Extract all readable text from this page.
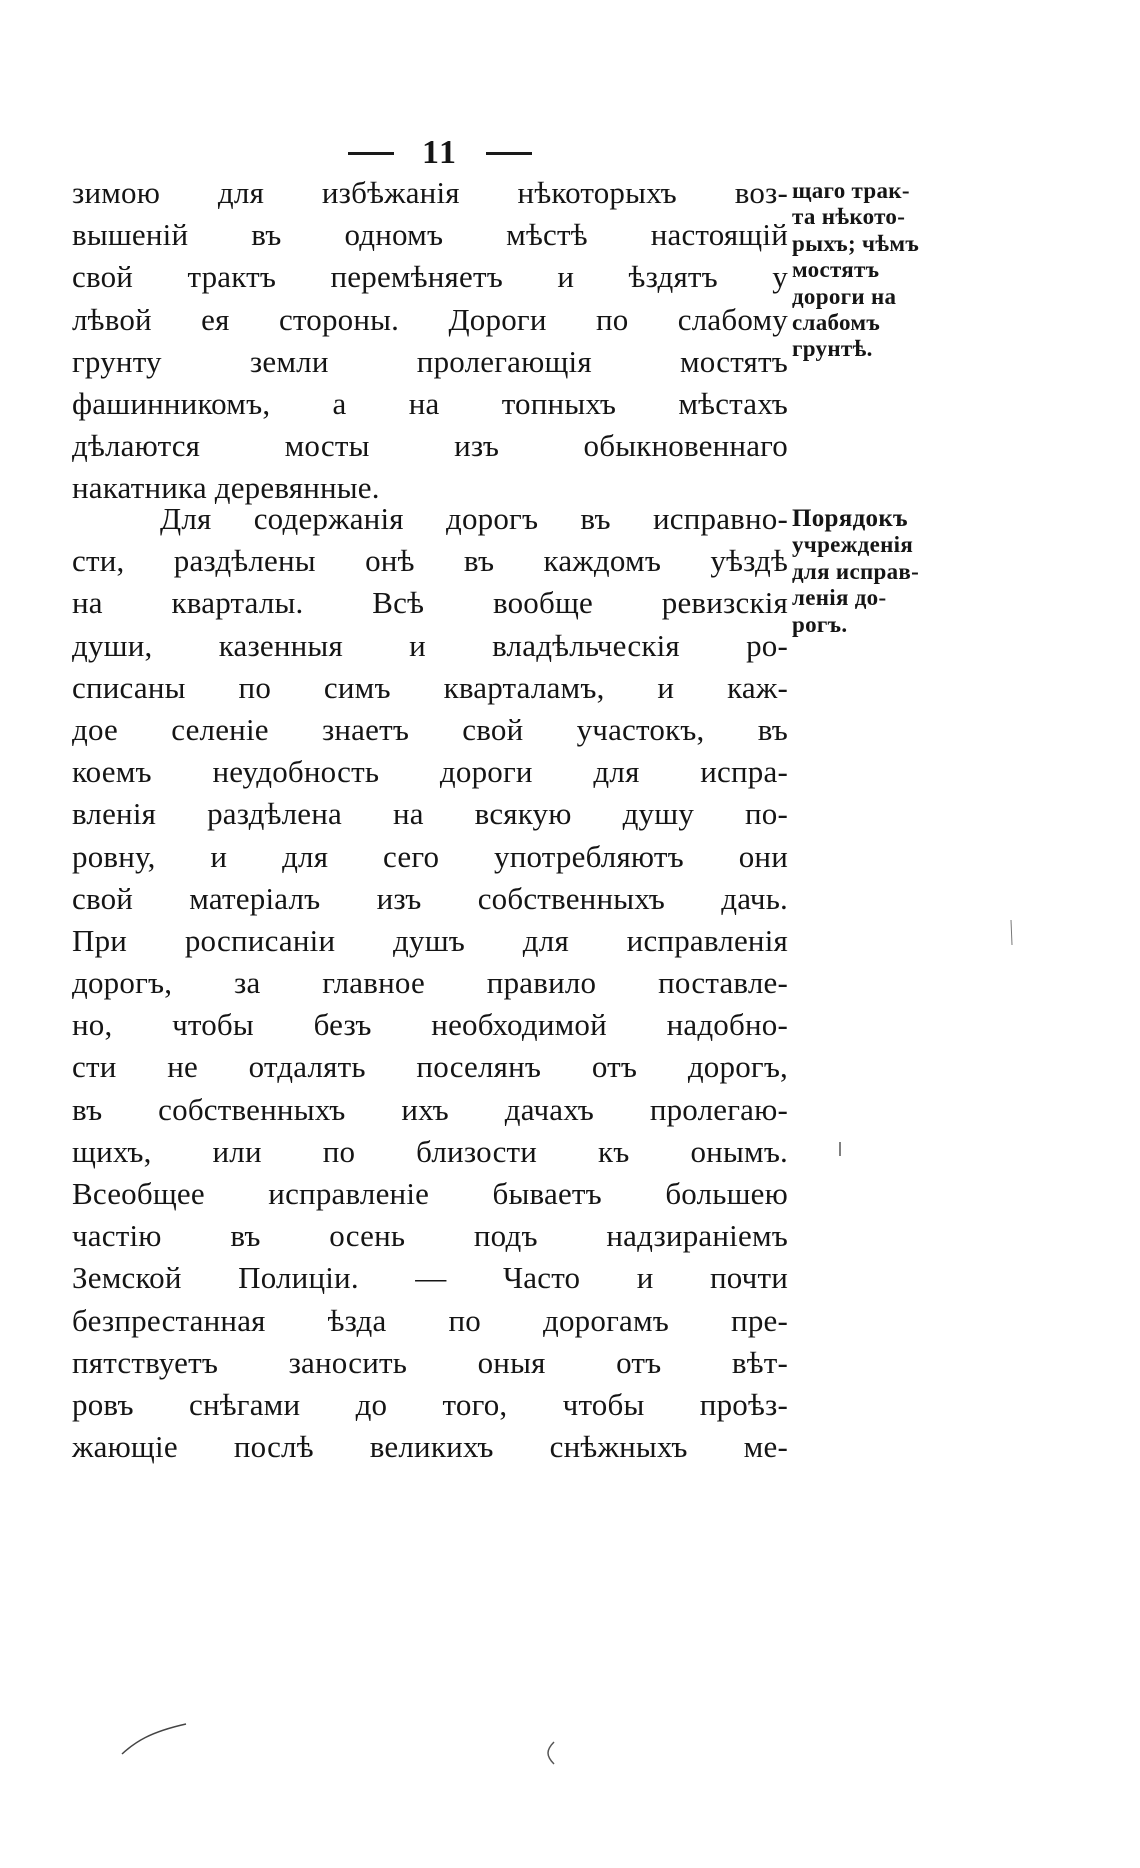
11
зимою для избѣжанія нѣкоторыхъ воз-
вышеній въ одномъ мѣстѣ настоящій
свой трактъ перемѣняетъ и ѣздятъ у
лѣвой ея стороны. Дороги по слабому
грунту земли пролегающія мостятъ
фашинникомъ, а на топныхъ мѣстахъ
дѣлаются мосты изъ обыкновеннаго
накатника деревянные.
щаго трак-
та нѣкото-
рыхъ; чѣмъ
мостятъ
дороги на
слабомъ
грунтѣ.
Для содержанія дорогъ въ исправно-
сти, раздѣлены онѣ въ каждомъ уѣздѣ
на кварталы. Всѣ вообще ревизскія
души, казенныя и владѣльческія ро-
списаны по симъ кварталамъ, и каж-
дое селеніе знаетъ свой участокъ, въ
коемъ неудобность дороги для испра-
вленія раздѣлена на всякую душу по-
ровну, и для сего употребляютъ они
свой матеріалъ изъ собственныхъ дачь.
При росписаніи душъ для исправленія
дорогъ, за главное правило поставле-
но, чтобы безъ необходимой надобно-
сти не отдалять поселянъ отъ дорогъ,
въ собственныхъ ихъ дачахъ пролегаю-
щихъ, или по близости къ онымъ.
Всеобщее исправленіе бываетъ большею
частію въ осень подъ надзираніемъ
Земской Полиціи. — Часто и почти
безпрестанная ѣзда по дорогамъ пре-
пятствуетъ заносить оныя отъ вѣт-
ровъ снѣгами до того, чтобы проѣз-
жающіе послѣ великихъ снѣжныхъ ме-
Порядокъ
учрежденія
для исправ-
ленія до-
рогъ.
